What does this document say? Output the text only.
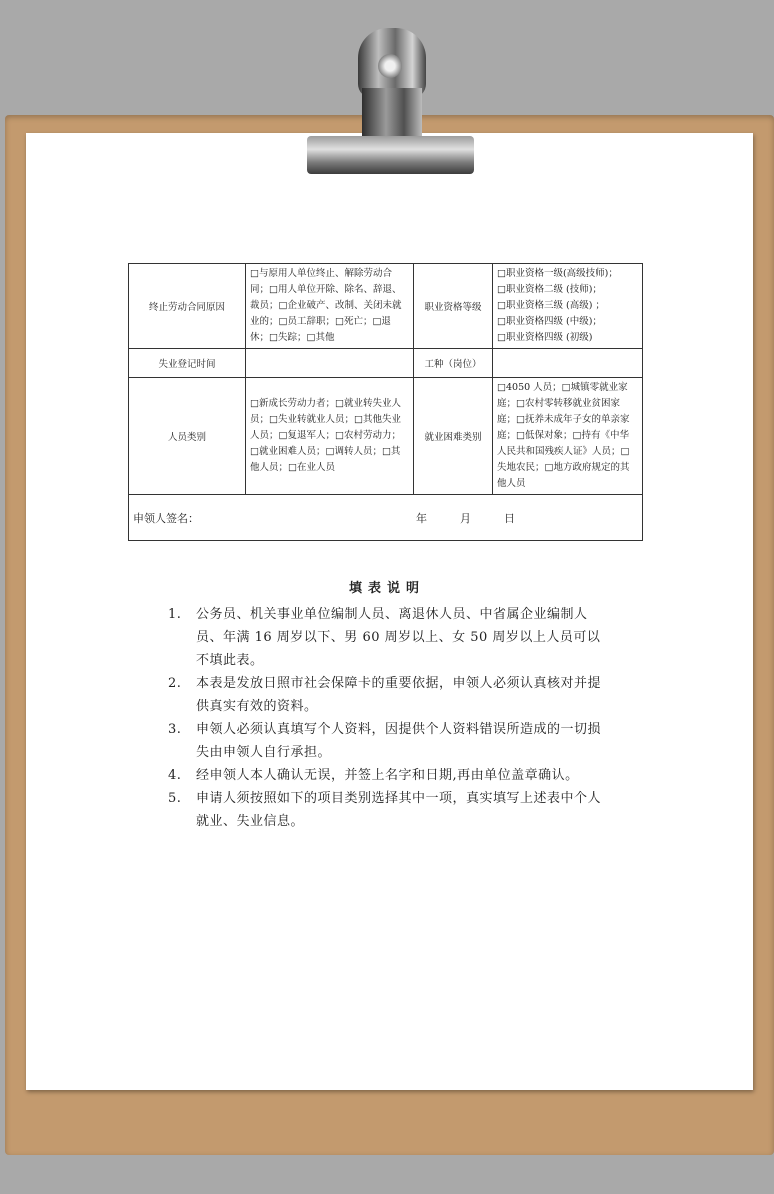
终止劳动合同原因	□与原用人单位终止、解除劳动合同；□用人单位开除、除名、辞退、裁员；□企业破产、改制、关闭未就业的；□员工辞职；□死亡；□退休；□失踪；□其他	职业资格等级	□职业资格一级(高级技师)；
□职业资格二级 (技师)；
□职业资格三级 (高级) ；
□职业资格四级 (中级)；
□职业资格四级 (初级)

失业登记时间		工种（岗位）	
人员类别	□新成长劳动力者；□就业转失业人员；□失业转就业人员；□其他失业人员；□复退军人；□农村劳动力；□就业困难人员；□调转人员；□其他人员；□在业人员	就业困难类别	□4050 人员；□城镇零就业家庭；□农村零转移就业贫困家庭；□抚养未成年子女的单亲家庭；□低保对象；□持有《中华人民共和国残疾人证》人员；□失地农民；□地方政府规定的其他人员

申领人签名： 年 月 日			
填表说明
1.	公务员、机关事业单位编制人员、离退休人员、中省属企业编制人员、年满 16 周岁以下、男 60 周岁以上、女 50 周岁以上人员可以不填此表。
2.	本表是发放日照市社会保障卡的重要依据，申领人必须认真核对并提供真实有效的资料。
3.	申领人必须认真填写个人资料，因提供个人资料错误所造成的一切损失由申领人自行承担。
4.	经申领人本人确认无误，并签上名字和日期,再由单位盖章确认。
5.	申请人须按照如下的项目类别选择其中一项，真实填写上述表中个人就业、失业信息。
